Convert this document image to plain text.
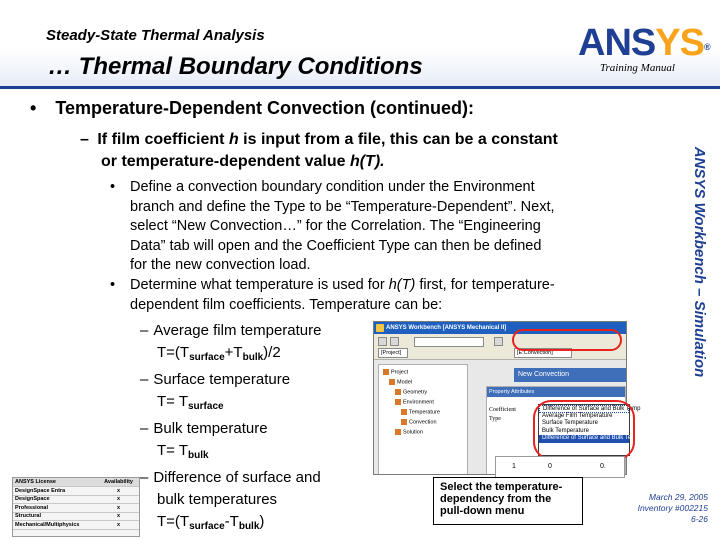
Steady-State Thermal Analysis
… Thermal Boundary Conditions
ANSYS®
Training Manual
ANSYS Workbench – Simulation
• Temperature-Dependent Convection (continued):
– If film coefficient h is input from a file, this can be a constant
or temperature-dependent value h(T).
• Define a convection boundary condition under the Environment
branch and define the Type to be “Temperature-Dependent”. Next,
select “New Convection…” for the Correlation. The “Engineering
Data” tab will open and the Coefficient Type can then be defined
for the new convection load.
• Determine what temperature is used for h(T) first, for temperature-
dependent film coefficients. Temperature can be:
– Average film temperature
$T=(T_{surface}+T_{bulk})/2$
– Surface temperature
$T= T_{surface}$
– Bulk temperature
$T= T_{bulk}$
– Difference of surface and
bulk temperatures
$T=(T_{surface}-T_{bulk})$
ANSYS License	Availability
DesignSpace Entra	x
DesignSpace	x
Professional	x
Structural	x
Mechanical/Multiphysics	x
ANSYS Workbench [ANSYS Mechanical II]
[Project]	[E:Convection]
Project
Model
Geometry
Environment
Temperature
Convection
Solution
New Convection
Property Attributes
Coefficient
Type
Difference of Surface and Bulk Temp
Average Film Temperature
Surface Temperature
Bulk Temperature
Difference of Surface and Bulk Temp
1	0	0.
Select the temperature-
dependency from the
pull-down menu
March 29, 2005
Inventory #002215
6-26
